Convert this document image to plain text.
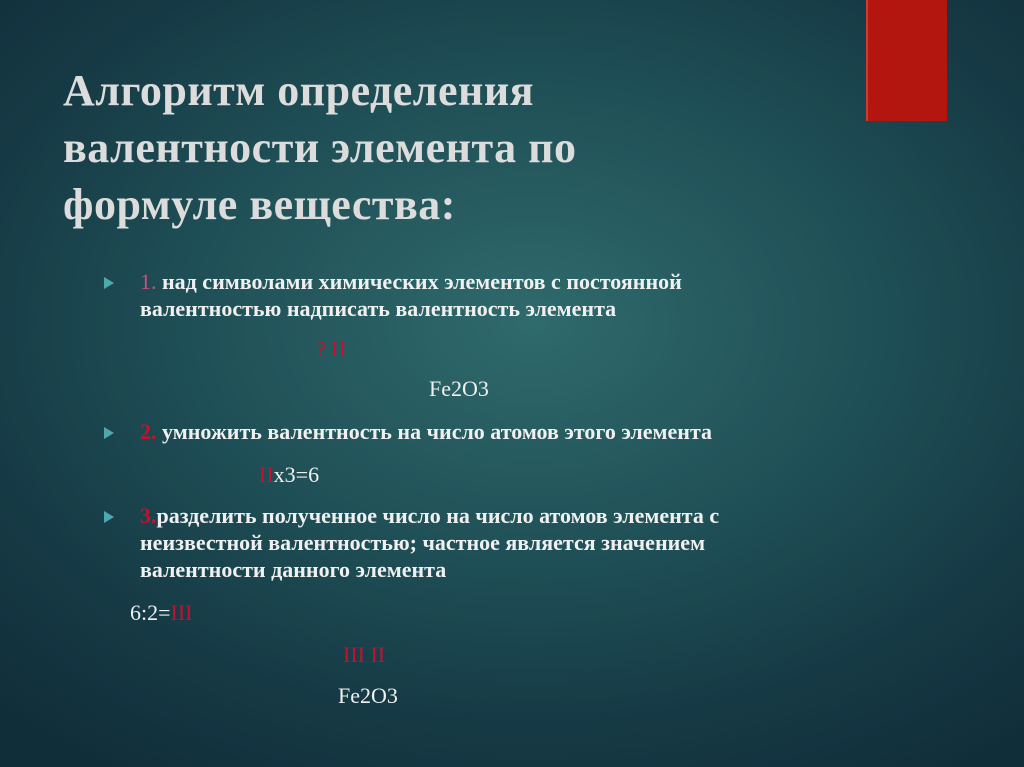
Алгоритм определения
валентности элемента по
формуле вещества:
1. над символами химических элементов с постоянной
валентностью надписать валентность элемента
? II
Fe2O3
2. умножить валентность на число атомов этого элемента
IIх3=6
3.разделить полученное число на число атомов элемента с
неизвестной валентностью; частное является значением
валентности данного элемента
6:2=III
III II
Fe2O3
